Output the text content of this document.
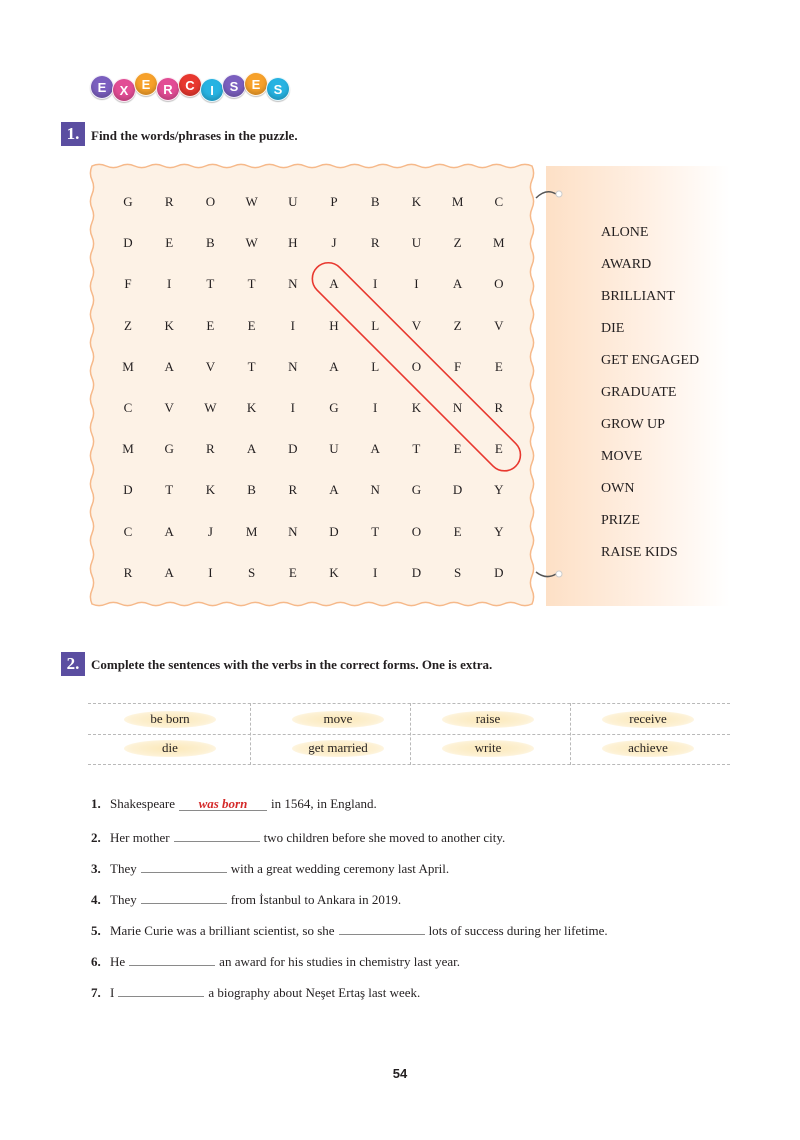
E	X	E R C	I	S	E	S
1. Find the words/phrases in the puzzle.
G	R	O	W	U	P	B	K	M	C
D	E	B	W	H	J	R	U	Z	M
F	I	T	T	N	A	I	I	A	O
Z	K	E	E	I	H	L	V	Z	V
M	A	V	T	N	A	L	O	F	E
C	V	W	K	I	G	I	K	N	R
M	G	R	A	D	U	A	T	E	E
D	T	K	B	R	A	N	G	D	Y
C	A	J	M	N	D	T	O	E	Y
R	A	I	S	E	K	I	D	S	D
ALONE
AWARD
BRILLIANT
DIE
GET ENGAGED
GRADUATE
GROW UP
MOVE
OWN
PRIZE
RAISE KIDS
2. Complete the sentences with the verbs in the correct forms. One is extra.
be born	move	raise	receive
die	get married	write	achieve
1. Shakespeare	was born	in 1564, in England.
2. Her mother	two children before she moved to another city.
3. They	with a great wedding ceremony last April.
4. They	from İstanbul to Ankara in 2019.
5. Marie Curie was a brilliant scientist, so she	lots of success during her lifetime.
6. He	an award for his studies in chemistry last year.
7. I	a biography about Neşet Ertaş last week.
54
